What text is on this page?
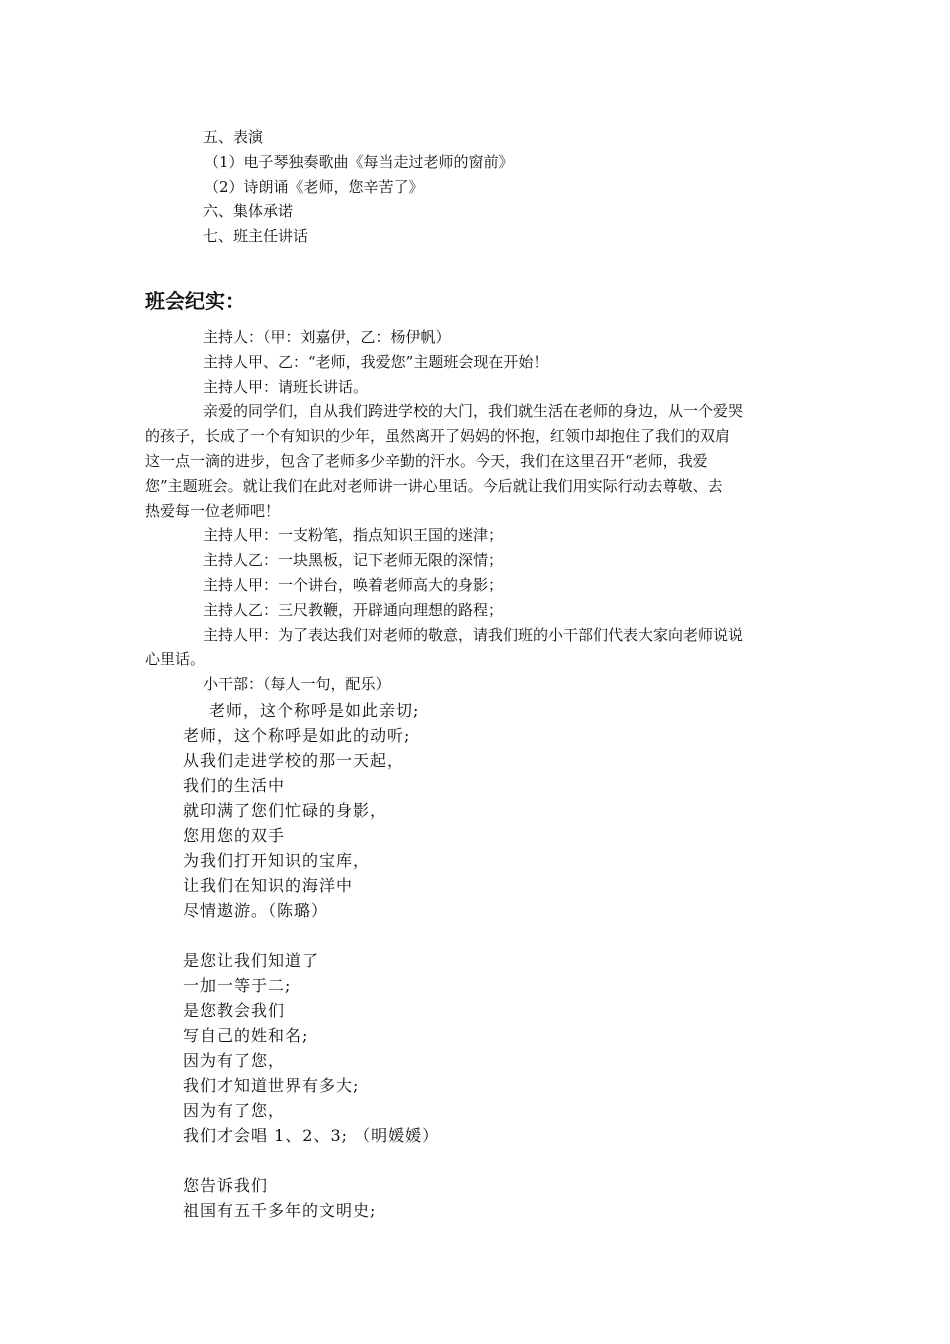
五、表演
（1）电子琴独奏歌曲《每当走过老师的窗前》
（2）诗朗诵《老师，您辛苦了》
六、集体承诺
七、班主任讲话
班会纪实：
主持人：（甲：刘嘉伊，乙：杨伊帆）
主持人甲、乙：“老师，我爱您”主题班会现在开始！
主持人甲：请班长讲话。
亲爱的同学们，自从我们跨进学校的大门，我们就生活在老师的身边，从一个爱哭
的孩子，长成了一个有知识的少年，虽然离开了妈妈的怀抱，红领巾却抱住了我们的双肩
这一点一滴的进步，包含了老师多少辛勤的汗水。今天，我们在这里召开“老师，我爱
您”主题班会。就让我们在此对老师讲一讲心里话。今后就让我们用实际行动去尊敬、去
热爱每一位老师吧！
主持人甲：一支粉笔，指点知识王国的迷津；
主持人乙：一块黑板，记下老师无限的深情；
主持人甲：一个讲台，唤着老师高大的身影；
主持人乙：三尺教鞭，开辟通向理想的路程；
主持人甲：为了表达我们对老师的敬意，请我们班的小干部们代表大家向老师说说
心里话。
小干部：（每人一句，配乐）
老师，这个称呼是如此亲切;
老师，这个称呼是如此的动听;
从我们走进学校的那一天起，
我们的生活中
就印满了您们忙碌的身影，
您用您的双手
为我们打开知识的宝库，
让我们在知识的海洋中
尽情遨游。（陈璐）
是您让我们知道了
一加一等于二;
是您教会我们
写自己的姓和名;
因为有了您，
我们才知道世界有多大;
因为有了您，
我们才会唱 1、2、3; （明媛媛）
您告诉我们
祖国有五千多年的文明史;
